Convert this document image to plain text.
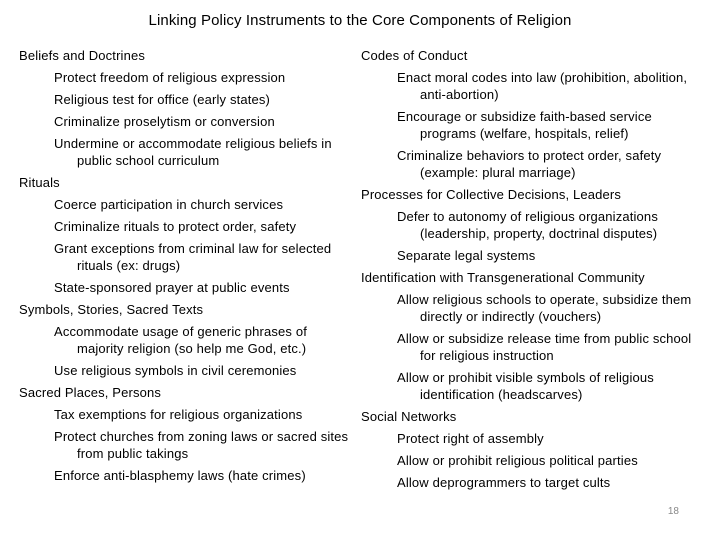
Linking Policy Instruments to the Core Components of Religion

Beliefs and Doctrines

Protect freedom of religious expression
Religious test for office (early states)
Criminalize proselytism or conversion
Undermine or accommodate religious beliefs in public school curriculum

Rituals

Coerce participation in church services
Criminalize rituals to protect order, safety
Grant exceptions from criminal law for selected rituals (ex: drugs)
State-sponsored prayer at public events

Symbols, Stories, Sacred Texts

Accommodate usage of generic phrases of majority religion (so help me God, etc.)
Use religious symbols in civil ceremonies

Sacred Places, Persons

Tax exemptions for religious organizations
Protect churches from zoning laws or sacred sites from public takings
Enforce anti-blasphemy laws (hate crimes)

Codes of Conduct

Enact moral codes into law (prohibition, abolition, anti-abortion)
Encourage or subsidize faith-based service programs (welfare, hospitals, relief)
Criminalize behaviors to protect order, safety (example: plural marriage)

Processes for Collective Decisions, Leaders

Defer to autonomy of religious organizations (leadership, property, doctrinal disputes)
Separate legal systems

Identification with Transgenerational Community

Allow religious schools to operate, subsidize them directly or indirectly (vouchers)
Allow or subsidize release time from public school for religious instruction
Allow or prohibit visible symbols of religious identification (headscarves)

Social Networks

Protect right of assembly
Allow or prohibit religious political parties
Allow deprogrammers to target cults
18
